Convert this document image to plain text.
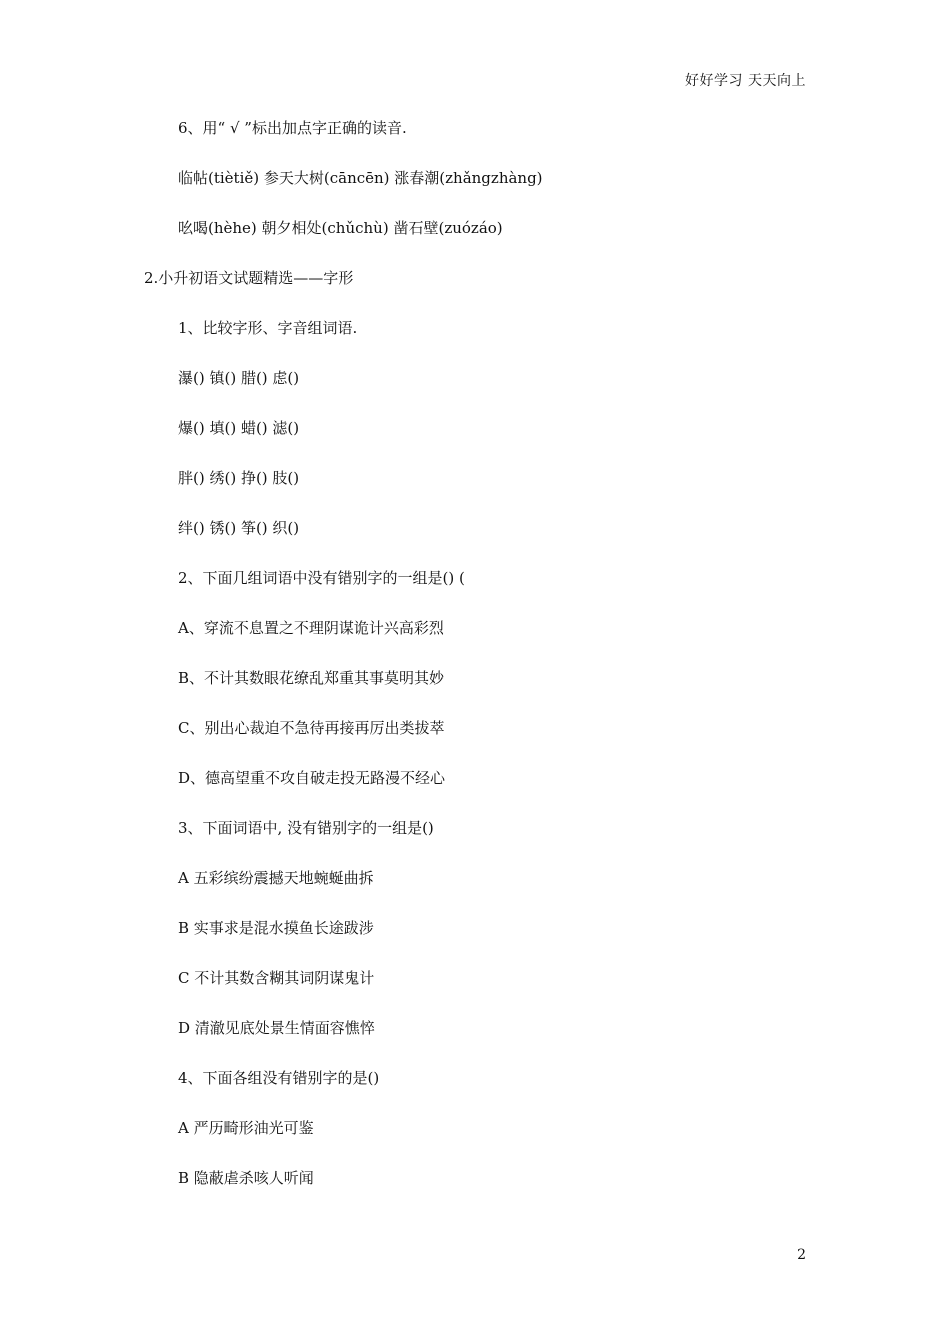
好好学习 天天向上
6、用“ √ ”标出加点字正确的读音.
临帖(tiètiě) 参天大树(cāncēn) 涨春潮(zhǎngzhàng)
吆喝(hèhe) 朝夕相处(chǔchù) 凿石壁(zuózáo)
2.小升初语文试题精选——字形
1、比较字形、字音组词语.
瀑() 镇() 腊() 虑()
爆() 填() 蜡() 滤()
胖() 绣() 挣() 肢()
绊() 锈() 筝() 织()
2、下面几组词语中没有错别字的一组是() (
A、穿流不息置之不理阴谋诡计兴高彩烈
B、不计其数眼花缭乱郑重其事莫明其妙
C、别出心裁迫不急待再接再厉出类拔萃
D、德高望重不攻自破走投无路漫不经心
3、下面词语中, 没有错别字的一组是()
A 五彩缤纷震撼天地蜿蜒曲拆
B 实事求是混水摸鱼长途跋涉
C 不计其数含糊其词阴谋鬼计
D 清澈见底处景生情面容憔悴
4、下面各组没有错别字的是()
A 严历畸形油光可鉴
B 隐蔽虐杀咳人听闻
2
